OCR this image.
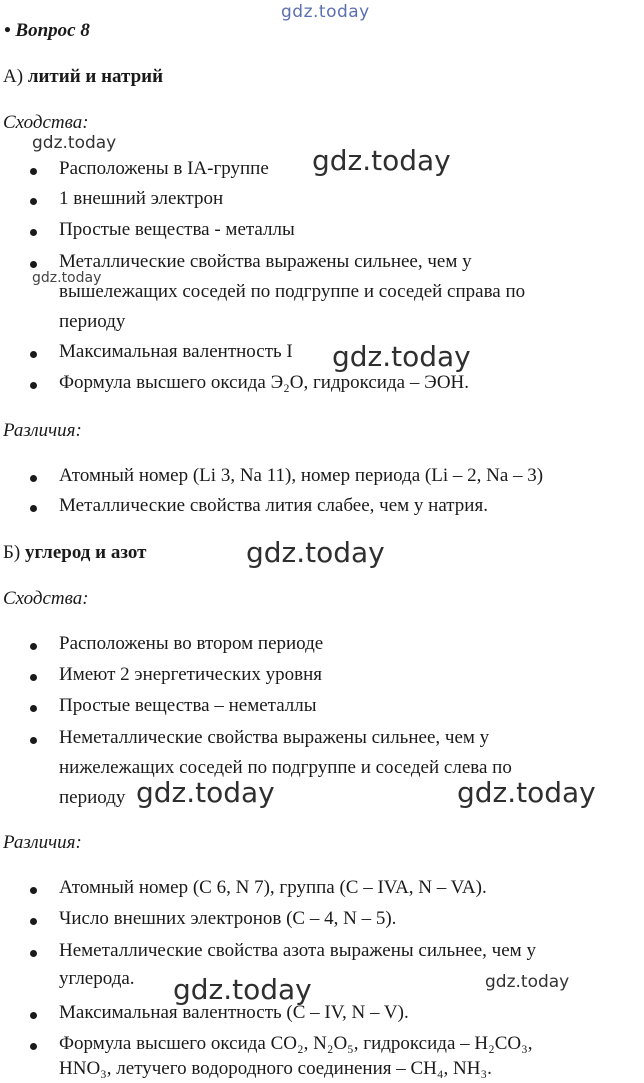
gdz.today
gdz.today
gdz.today
gdz.today
gdz.today
gdz.today
gdz.today	gdz.today
gdz.today	gdz.today
• Вопрос 8
А) литий и натрий
Сходства:
Расположены в IA-группе
1 внешний электрон
Простые вещества - металлы
Металлические свойства выражены сильнее, чем у
вышележащих соседей по подгруппе и соседей справа по
периоду
Максимальная валентность I
Формула высшего оксида Э₂О, гидроксида – ЭОН.
Различия:
Атомный номер (Li 3, Na 11), номер периода (Li – 2, Na – 3)
Металлические свойства лития слабее, чем у натрия.
Б) углерод и азот
Сходства:
Расположены во втором периоде
Имеют 2 энергетических уровня
Простые вещества – неметаллы
Неметаллические свойства выражены сильнее, чем у
нижележащих соседей по подгруппе и соседей слева по
периоду
Различия:
Атомный номер (С 6, N 7), группа (С – IVA, N – VA).
Число внешних электронов (С – 4, N – 5).
Неметаллические свойства азота выражены сильнее, чем у
углерода.
Максимальная валентность (С – IV, N – V).
Формула высшего оксида CO₂, N₂O₅, гидроксида – H₂CO₃,
HNO₃, летучего водородного соединения – CH₄, NH₃.
